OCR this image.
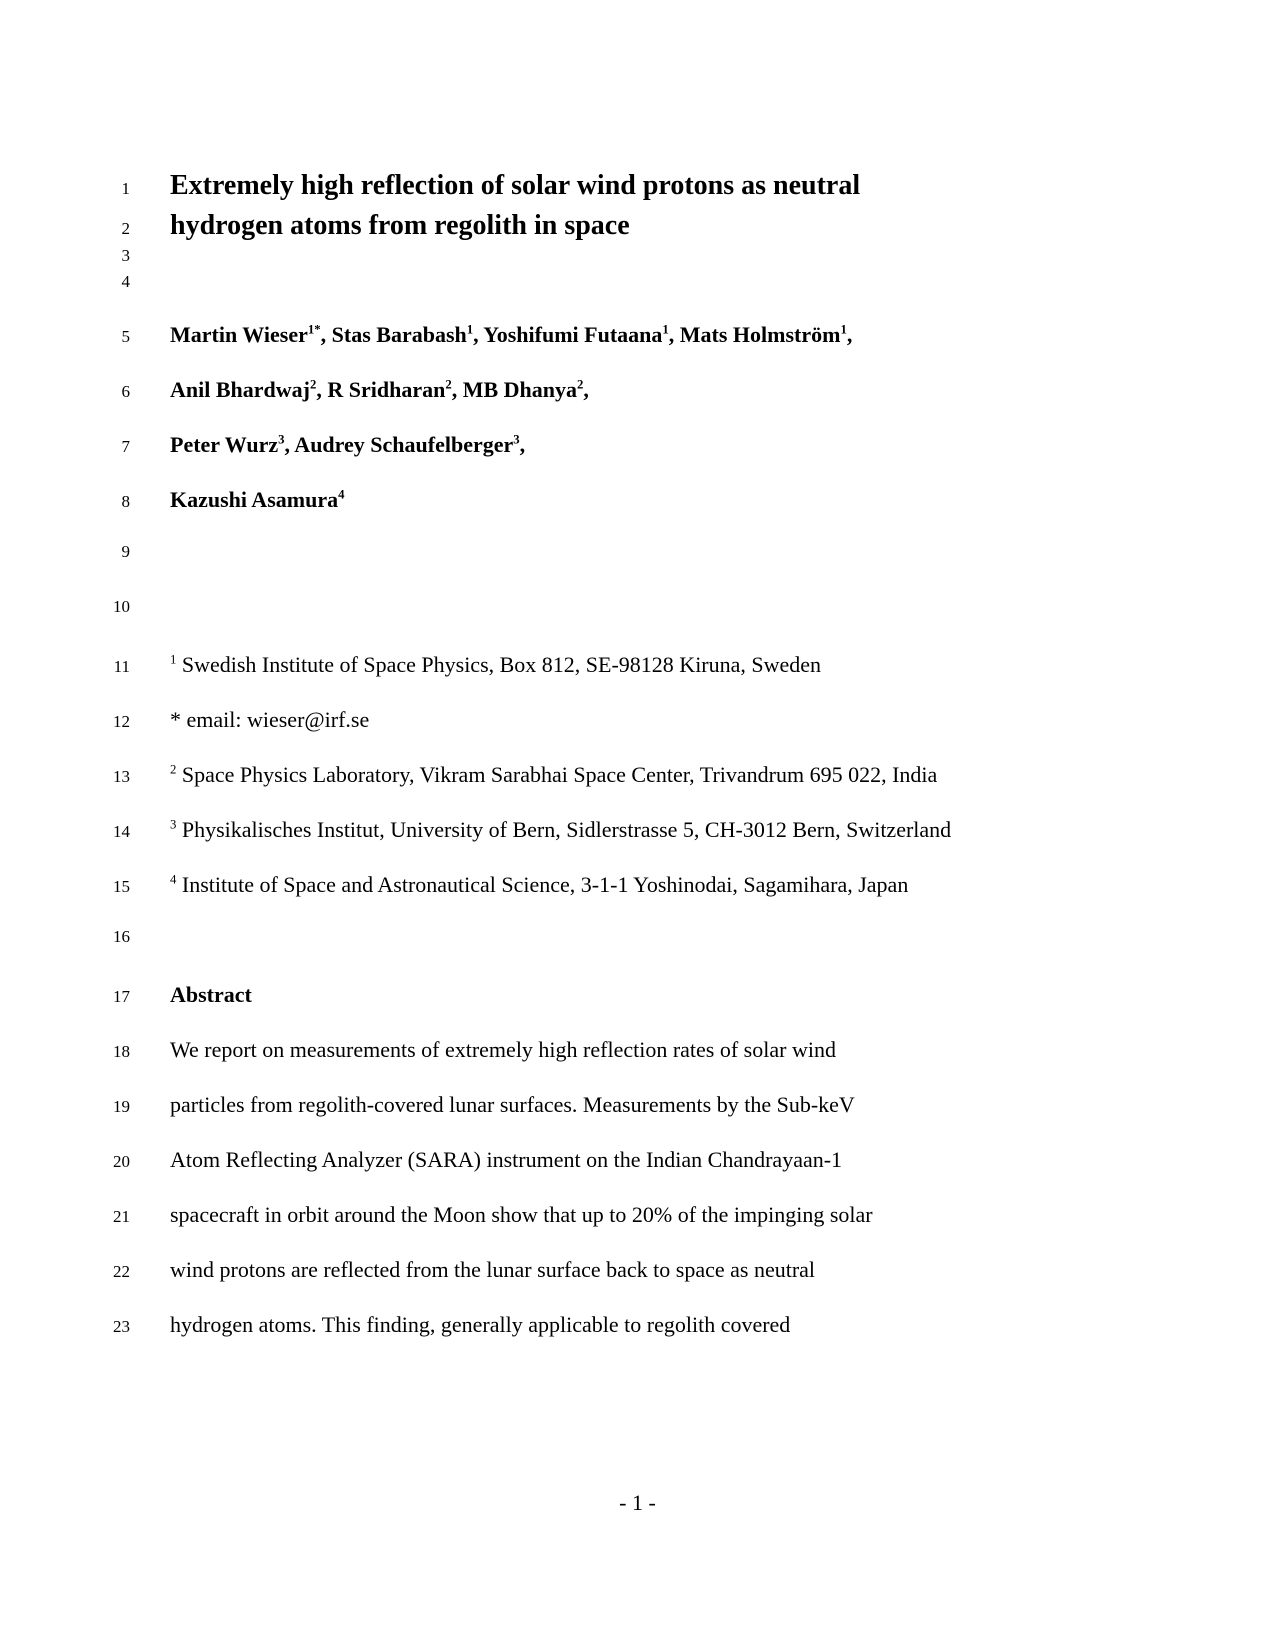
1 Extremely high reflection of solar wind protons as neutral
2 hydrogen atoms from regolith in space
3
4
5 Martin Wieser$^{1*}$, Stas Barabash$^1$, Yoshifumi Futaana$^1$, Mats Holmström$^1$,
6 Anil Bhardwaj$^2$, R Sridharan$^2$, MB Dhanya$^2$,
7 Peter Wurz$^3$, Audrey Schaufelberger$^3$,
8 Kazushi Asamura$^4$
9
10
11	$^1$ Swedish Institute of Space Physics, Box 812, SE-98128 Kiruna, Sweden
12 * email: wieser@irf.se
13	$^2$ Space Physics Laboratory, Vikram Sarabhai Space Center, Trivandrum 695 022, India
14	$^3$ Physikalisches Institut, University of Bern, Sidlerstrasse 5, CH-3012 Bern, Switzerland
15	$^4$ Institute of Space and Astronautical Science, 3-1-1 Yoshinodai, Sagamihara, Japan
16
17 Abstract
18 We report on measurements of extremely high reflection rates of solar wind
19 particles from regolith-covered lunar surfaces. Measurements by the Sub-keV
20 Atom Reflecting Analyzer (SARA) instrument on the Indian Chandrayaan-1
21 spacecraft in orbit around the Moon show that up to 20% of the impinging solar
22 wind protons are reflected from the lunar surface back to space as neutral
23 hydrogen atoms. This finding, generally applicable to regolith covered
- 1 -
